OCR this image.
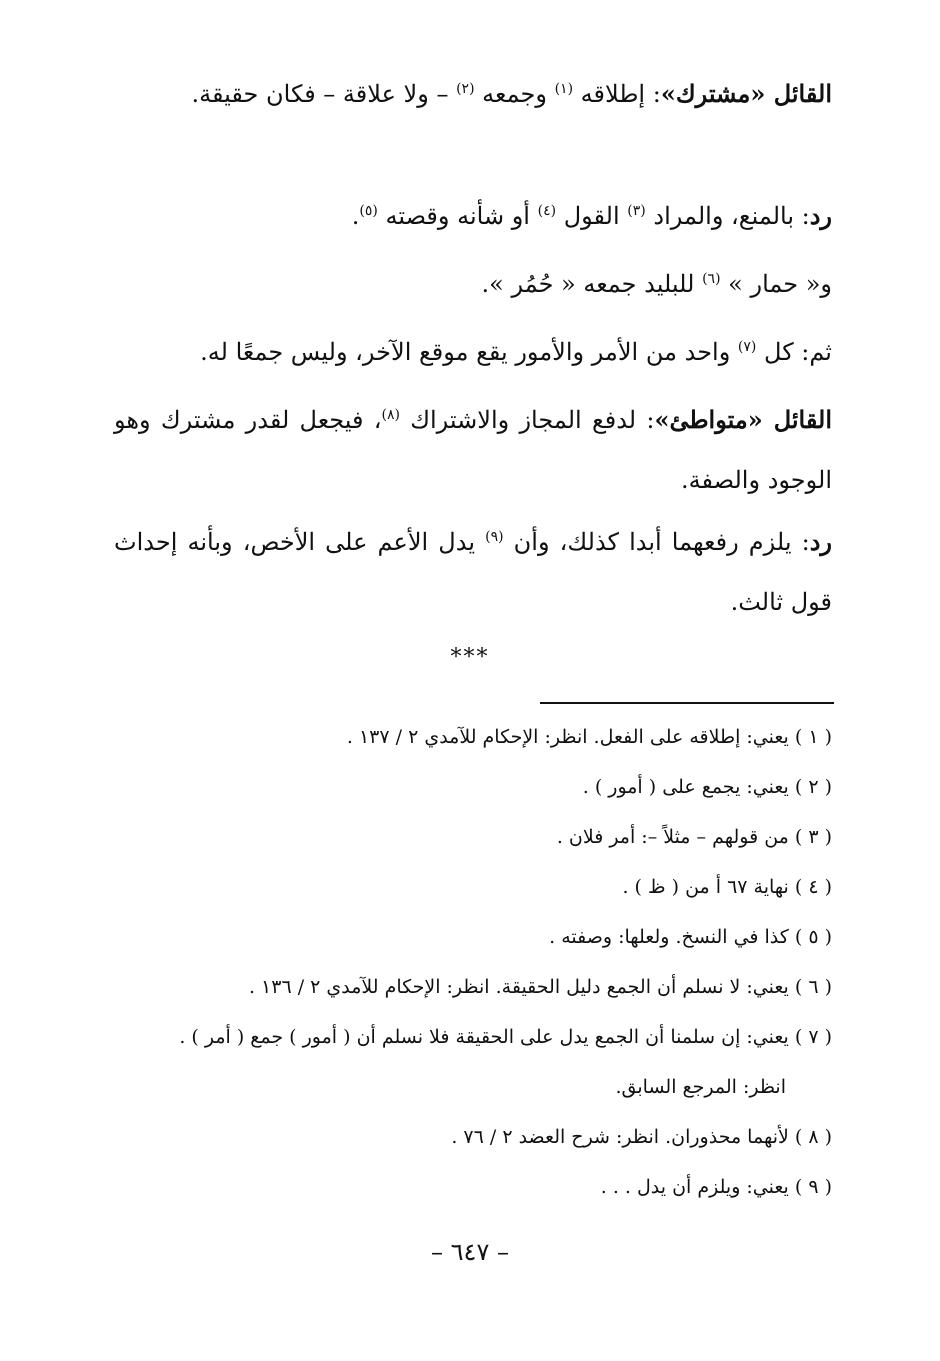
القائل «مشترك»: إطلاقه $^{(١)}$ وجمعه $^{(٢)}$ – ولا علاقة – فكان حقيقة.

رد: بالمنع، والمراد $^{(٣)}$ القول $^{(٤)}$ أو شأنه وقصته $^{(٥)}$.

و« حمار » $^{(٦)}$ للبليد جمعه « حُمُر ».

ثم: كل $^{(٧)}$ واحد من الأمر والأمور يقع موقع الآخر، وليس جمعًا له.

القائل «متواطئ»: لدفع المجاز والاشتراك $^{(٨)}$، فيجعل لقدر مشترك وهو الوجود والصفة.

رد: يلزم رفعهما أبدا كذلك، وأن $^{(٩)}$ يدل الأعم على الأخص، وبأنه إحداث قول ثالث.

***

( ١ ) يعني: إطلاقه على الفعل. انظر: الإحكام للآمدي ٢ / ١٣٧ .

( ٢ ) يعني: يجمع على ( أمور ) .

( ٣ ) من قولهم – مثلاً –: أمر فلان .

( ٤ ) نهاية ٦٧ أ من ( ظ ) .

( ٥ ) كذا في النسخ. ولعلها: وصفته .

( ٦ ) يعني: لا نسلم أن الجمع دليل الحقيقة. انظر: الإحكام للآمدي ٢ / ١٣٦ .

( ٧ ) يعني: إن سلمنا أن الجمع يدل على الحقيقة فلا نسلم أن ( أمور ) جمع ( أمر ) .

انظر: المرجع السابق.

( ٨ ) لأنهما محذوران. انظر: شرح العضد ٢ / ٧٦ .

( ٩ ) يعني: ويلزم أن يدل . . .

– ٦٤٧ –
